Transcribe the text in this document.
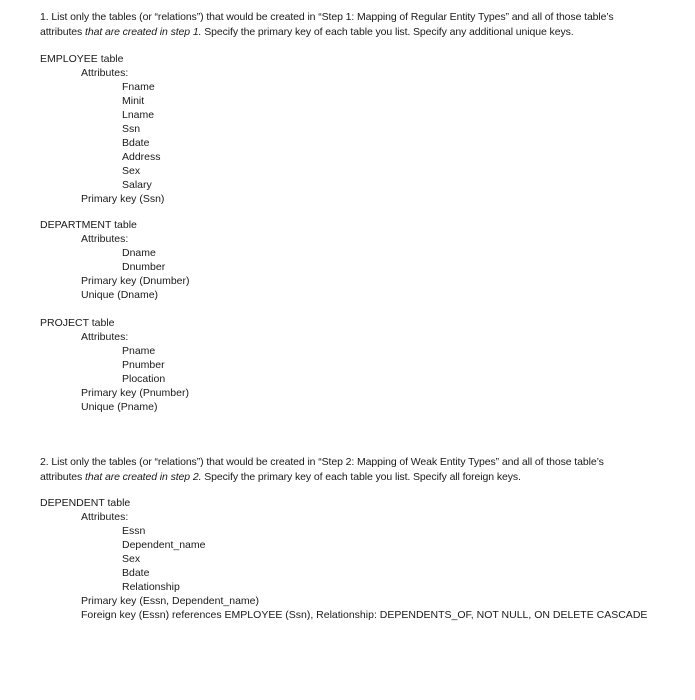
1. List only the tables (or “relations”) that would be created in “Step 1: Mapping of Regular Entity Types” and all of those table’s attributes that are created in step 1. Specify the primary key of each table you list. Specify any additional unique keys.
EMPLOYEE table
Attributes:
Fname
Minit
Lname
Ssn
Bdate
Address
Sex
Salary
Primary key (Ssn)
DEPARTMENT table
Attributes:
Dname
Dnumber
Primary key (Dnumber)
Unique (Dname)
PROJECT table
Attributes:
Pname
Pnumber
Plocation
Primary key (Pnumber)
Unique (Pname)
2. List only the tables (or “relations”) that would be created in “Step 2: Mapping of Weak Entity Types” and all of those table’s attributes that are created in step 2. Specify the primary key of each table you list. Specify all foreign keys.
DEPENDENT table
Attributes:
Essn
Dependent_name
Sex
Bdate
Relationship
Primary key (Essn, Dependent_name)
Foreign key (Essn) references EMPLOYEE (Ssn), Relationship: DEPENDENTS_OF, NOT NULL, ON DELETE CASCADE
